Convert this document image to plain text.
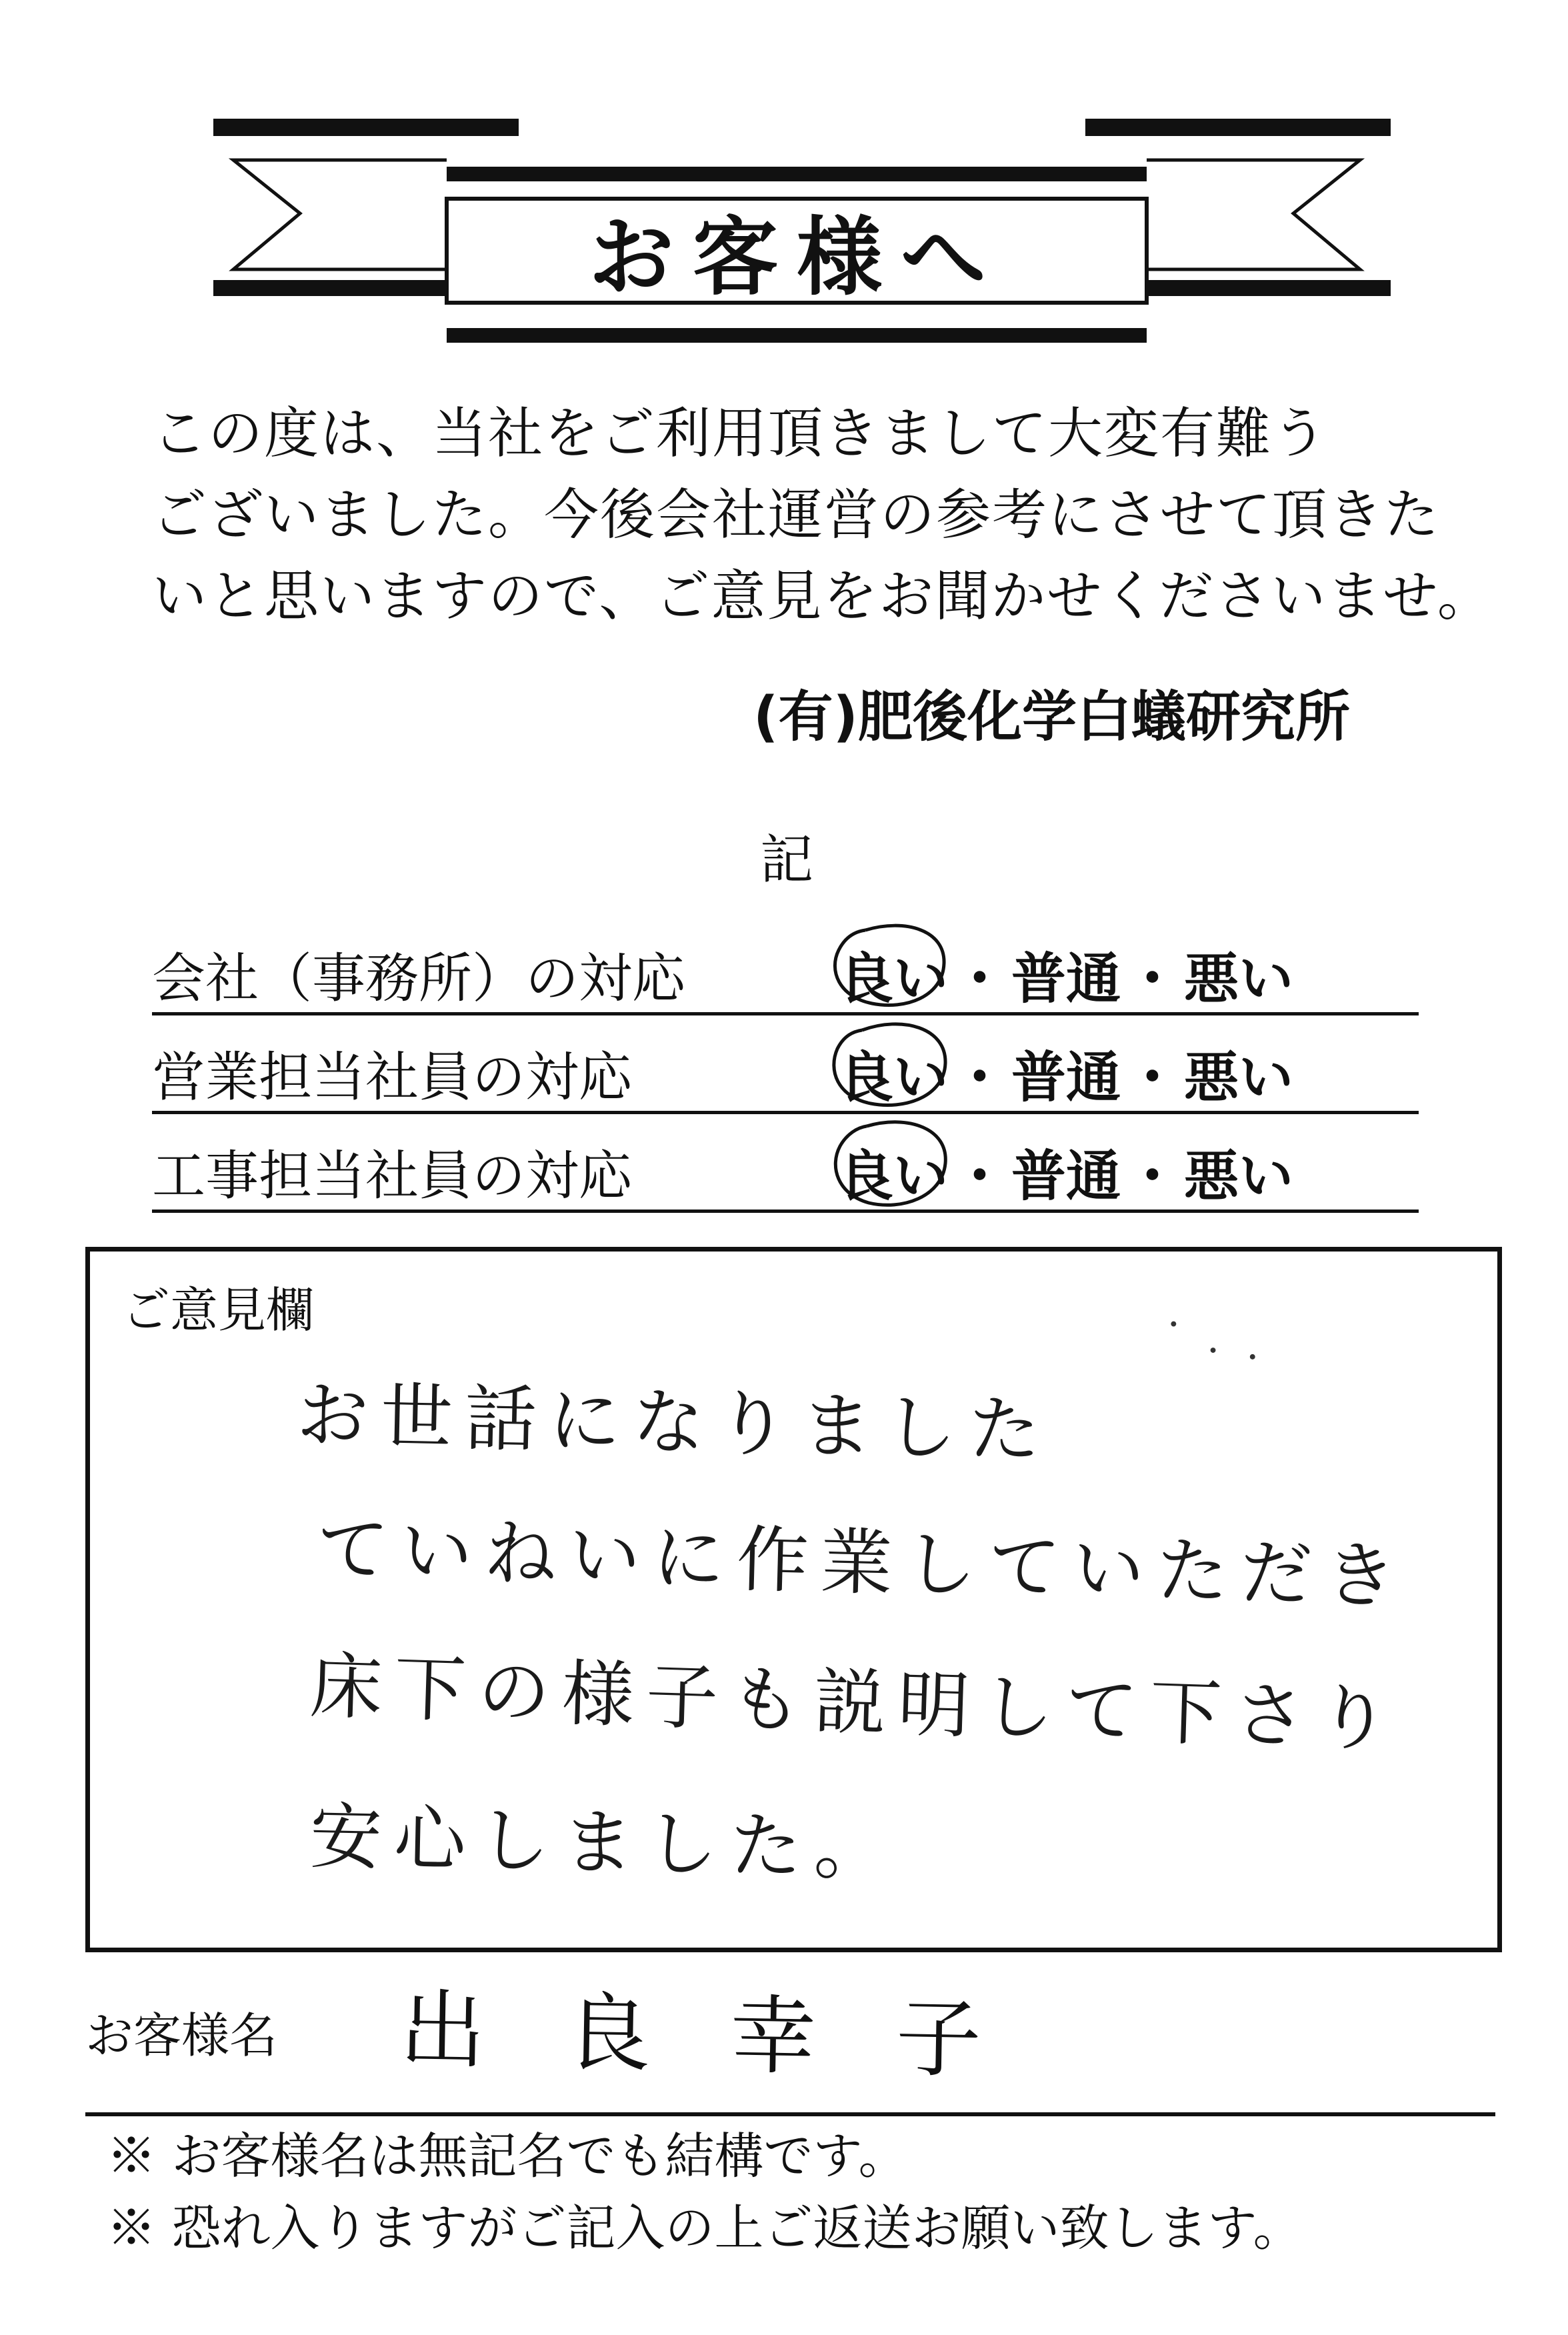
お客様へ
この度は、当社をご利用頂きまして大変有難う
ございました。今後会社運営の参考にさせて頂きた
いと思いますので、ご意見をお聞かせくださいませ。
(有)肥後化学白蟻研究所
記
会社（事務所）の対応	良い・普通・悪い
営業担当社員の対応	良い・普通・悪い
工事担当社員の対応	良い・普通・悪い
ご意見欄
お世話になりました
ていねいに作業していただき
床下の様子も説明して下さり
安心しました。
お客様名 出良幸子
※ お客様名は無記名でも結構です。
※ 恐れ入りますがご記入の上ご返送お願い致します。
